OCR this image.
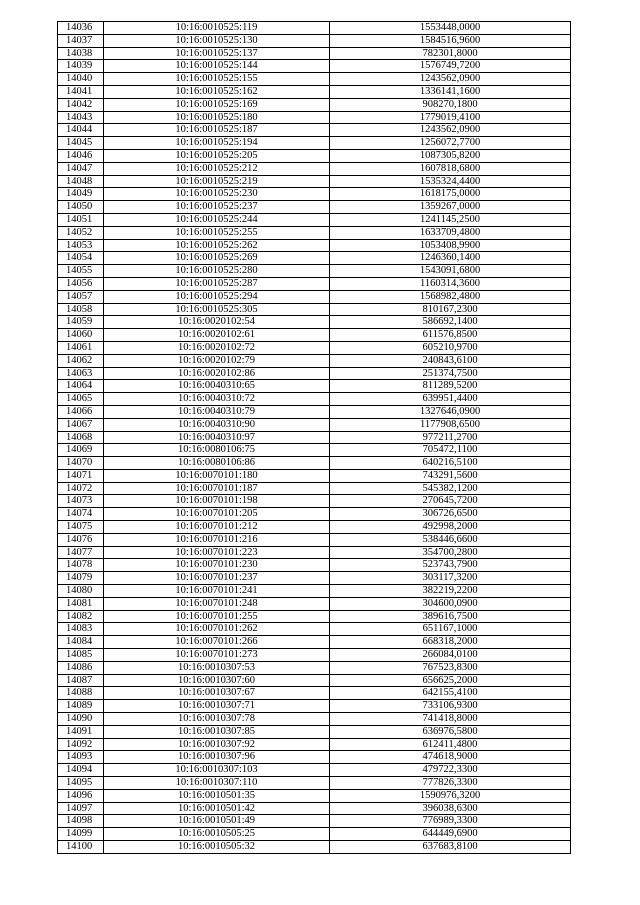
14036	10:16:0010525:119	1553448,0000
14037	10:16:0010525:130	1584516,9600
14038	10:16:0010525:137	782301,8000
14039	10:16:0010525:144	1576749,7200
14040	10:16:0010525:155	1243562,0900
14041	10:16:0010525:162	1336141,1600
14042	10:16:0010525:169	908270,1800
14043	10:16:0010525:180	1779019,4100
14044	10:16:0010525:187	1243562,0900
14045	10:16:0010525:194	1256072,7700
14046	10:16:0010525:205	1087305,8200
14047	10:16:0010525:212	1607818,6800
14048	10:16:0010525:219	1535324,4400
14049	10:16:0010525:230	1618175,0000
14050	10:16:0010525:237	1359267,0000
14051	10:16:0010525:244	1241145,2500
14052	10:16:0010525:255	1633709,4800
14053	10:16:0010525:262	1053408,9900
14054	10:16:0010525:269	1246360,1400
14055	10:16:0010525:280	1543091,6800
14056	10:16:0010525:287	1160314,3600
14057	10:16:0010525:294	1568982,4800
14058	10:16:0010525:305	810167,2300
14059	10:16:0020102:54	586692,1400
14060	10:16:0020102:61	611576,8500
14061	10:16:0020102:72	605210,9700
14062	10:16:0020102:79	240843,6100
14063	10:16:0020102:86	251374,7500
14064	10:16:0040310:65	811289,5200
14065	10:16:0040310:72	639951,4400
14066	10:16:0040310:79	1327646,0900
14067	10:16:0040310:90	1177908,6500
14068	10:16:0040310:97	977211,2700
14069	10:16:0080106:75	705472,1100
14070	10:16:0080106:86	640216,5100
14071	10:16:0070101:180	743291,5600
14072	10:16:0070101:187	545382,1200
14073	10:16:0070101:198	270645,7200
14074	10:16:0070101:205	306726,6500
14075	10:16:0070101:212	492998,2000
14076	10:16:0070101:216	538446,6600
14077	10:16:0070101:223	354700,2800
14078	10:16:0070101:230	523743,7900
14079	10:16:0070101:237	303117,3200
14080	10:16:0070101:241	382219,2200
14081	10:16:0070101:248	304600,0900
14082	10:16:0070101:255	389616,7500
14083	10:16:0070101:262	651167,1000
14084	10:16:0070101:266	668318,2000
14085	10:16:0070101:273	266084,0100
14086	10:16:0010307:53	767523,8300
14087	10:16:0010307:60	656625,2000
14088	10:16:0010307:67	642155,4100
14089	10:16:0010307:71	733106,9300
14090	10:16:0010307:78	741418,8000
14091	10:16:0010307:85	636976,5800
14092	10:16:0010307:92	612411,4800
14093	10:16:0010307:96	474618,9000
14094	10:16:0010307:103	479722,3300
14095	10:16:0010307:110	777826,3300
14096	10:16:0010501:35	1590976,3200
14097	10:16:0010501:42	396038,6300
14098	10:16:0010501:49	776989,3300
14099	10:16:0010505:25	644449,6900
14100	10:16:0010505:32	637683,8100
